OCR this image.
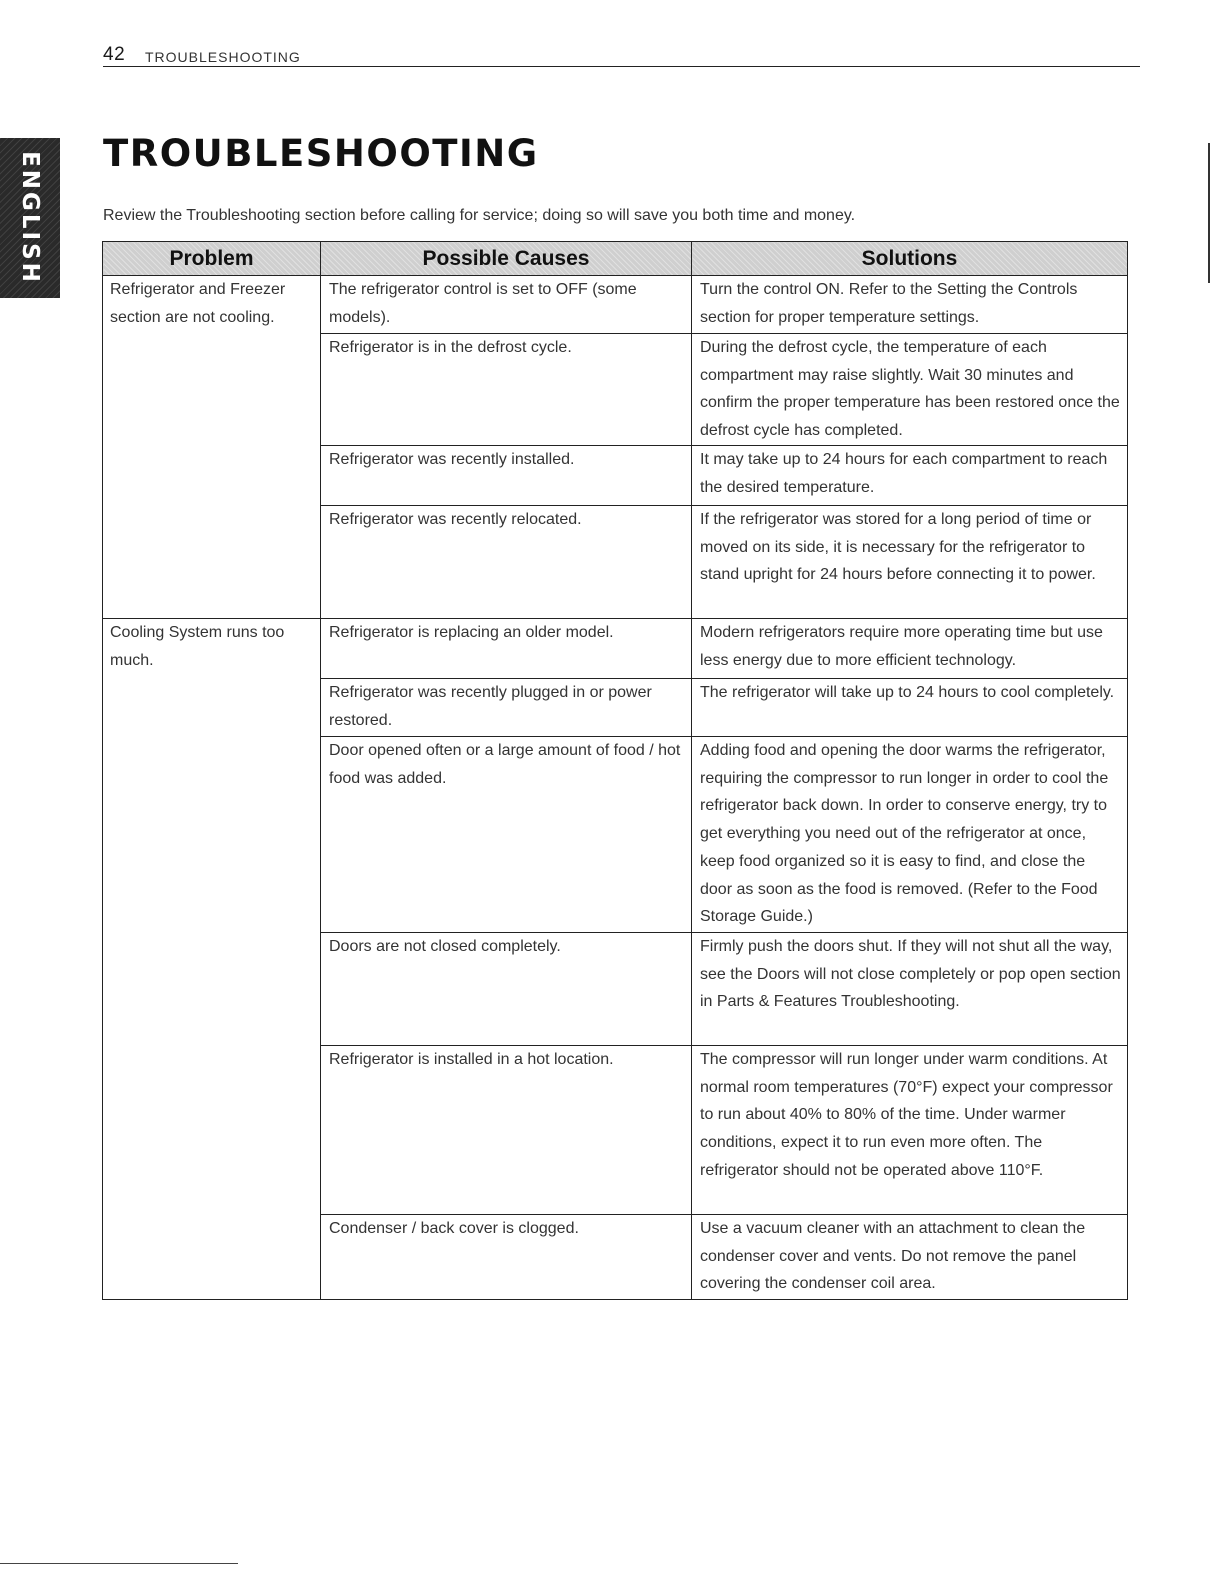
42 TROUBLESHOOTING
ENGLISH TROUBLESHOOTING

Review the Troubleshooting section before calling for service; doing so will save you both time and money.

Problem	Possible Causes	Solutions
Refrigerator and Freezer section are not cooling.	The refrigerator control is set to OFF (some models).	Turn the control ON. Refer to the Setting the Controls section for proper temperature settings.
	Refrigerator is in the defrost cycle.	During the defrost cycle, the temperature of each compartment may raise slightly. Wait 30 minutes and confirm the proper temperature has been restored once the defrost cycle has completed.
	Refrigerator was recently installed.	It may take up to 24 hours for each compartment to reach the desired temperature.
	Refrigerator was recently relocated.	If the refrigerator was stored for a long period of time or moved on its side, it is necessary for the refrigerator to stand upright for 24 hours before connecting it to power.
Cooling System runs too much.	Refrigerator is replacing an older model.	Modern refrigerators require more operating time but use less energy due to more efficient technology.
	Refrigerator was recently plugged in or power restored.	The refrigerator will take up to 24 hours to cool completely.
	Door opened often or a large amount of food / hot food was added.	Adding food and opening the door warms the refrigerator, requiring the compressor to run longer in order to cool the refrigerator back down. In order to conserve energy, try to get everything you need out of the refrigerator at once, keep food organized so it is easy to find, and close the door as soon as the food is removed. (Refer to the Food Storage Guide.)
	Doors are not closed completely.	Firmly push the doors shut. If they will not shut all the way, see the Doors will not close completely or pop open section in Parts & Features Troubleshooting.
	Refrigerator is installed in a hot location.	The compressor will run longer under warm conditions. At normal room temperatures (70°F) expect your compressor to run about 40% to 80% of the time. Under warmer conditions, expect it to run even more often. The refrigerator should not be operated above 110°F.
	Condenser / back cover is clogged.	Use a vacuum cleaner with an attachment to clean the condenser cover and vents. Do not remove the panel covering the condenser coil area.
